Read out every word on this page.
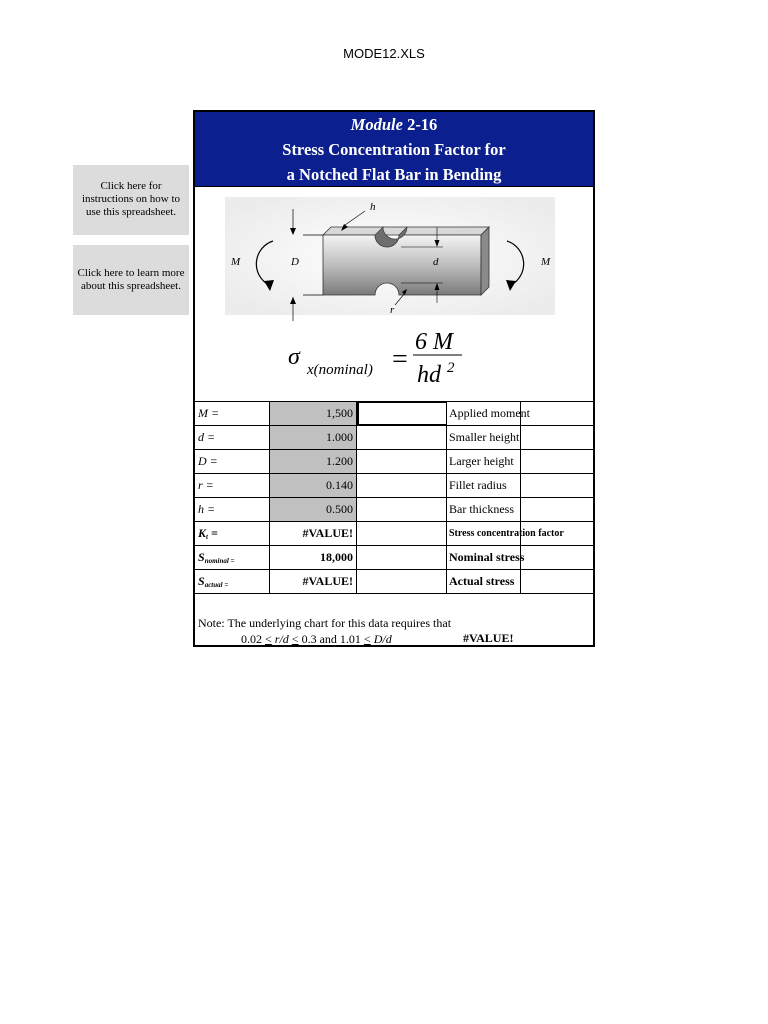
MODE12.XLS
Click here for instructions on how to use this spreadsheet.
Click here to learn more about this spreadsheet.
Module 2-16
Stress Concentration Factor for
a Notched Flat Bar in Bending
D	d
h
r
M	M
σ x(nominal) =
6 M
hd 2
M =	1,500	Applied moment
d =	1.000	Smaller height
D =	1.200	Larger height
r =	0.140	Fillet radius
h =	0.500	Bar thickness
$K_t$ =	#VALUE!	Stress concentration factor
$S_{nominal =}$	18,000	Nominal stress
$S_{actual =}$	#VALUE!	Actual stress
Note: The underlying chart for this data requires that
0.02 < r/d < 0.3 and 1.01 < D/d	#VALUE!
